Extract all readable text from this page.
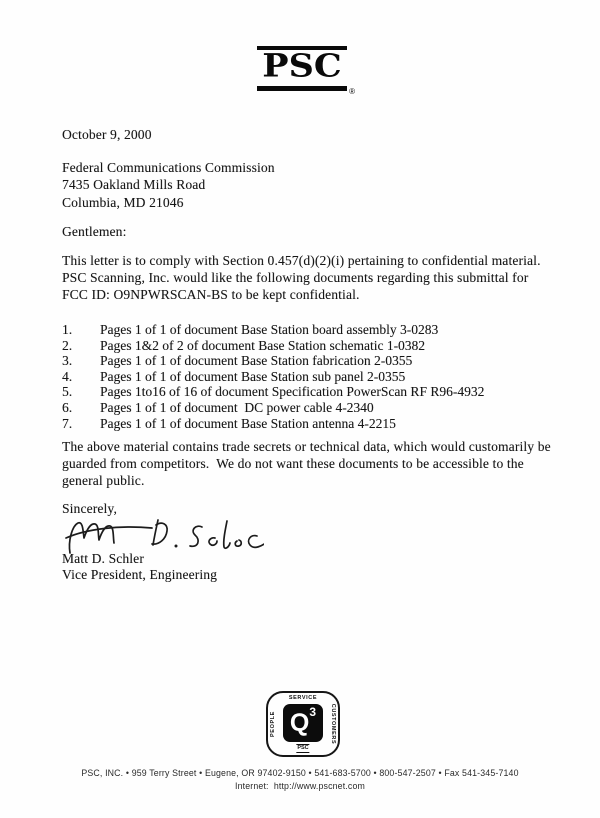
PSC
®
October 9, 2000
Federal Communications Commission
7435 Oakland Mills Road
Columbia, MD 21046
Gentlemen:
This letter is to comply with Section 0.457(d)(2)(i) pertaining to confidential material.
PSC Scanning, Inc. would like the following documents regarding this submittal for
FCC ID: O9NPWRSCAN-BS to be kept confidential.
1.	Pages 1 of 1 of document Base Station board assembly 3-0283
2.	Pages 1&2 of 2 of document Base Station schematic 1-0382
3.	Pages 1 of 1 of document Base Station fabrication 2-0355
4.	Pages 1 of 1 of document Base Station sub panel 2-0355
5.	Pages 1to16 of 16 of document Specification PowerScan RF R96-4932
6.	Pages 1 of 1 of document  DC power cable 4-2340
7.	Pages 1 of 1 of document Base Station antenna 4-2215
The above material contains trade secrets or technical data, which would customarily be
guarded from competitors.  We do not want these documents to be accessible to the
general public.
Sincerely,
Matt D. Schler
Vice President, Engineering
SERVICE
PEOPLE	CUSTOMERS
$Q^3$
PSC
PSC, INC. • 959 Terry Street • Eugene, OR 97402-9150 • 541-683-5700 • 800-547-2507 • Fax 541-345-7140
Internet:  http://www.pscnet.com
